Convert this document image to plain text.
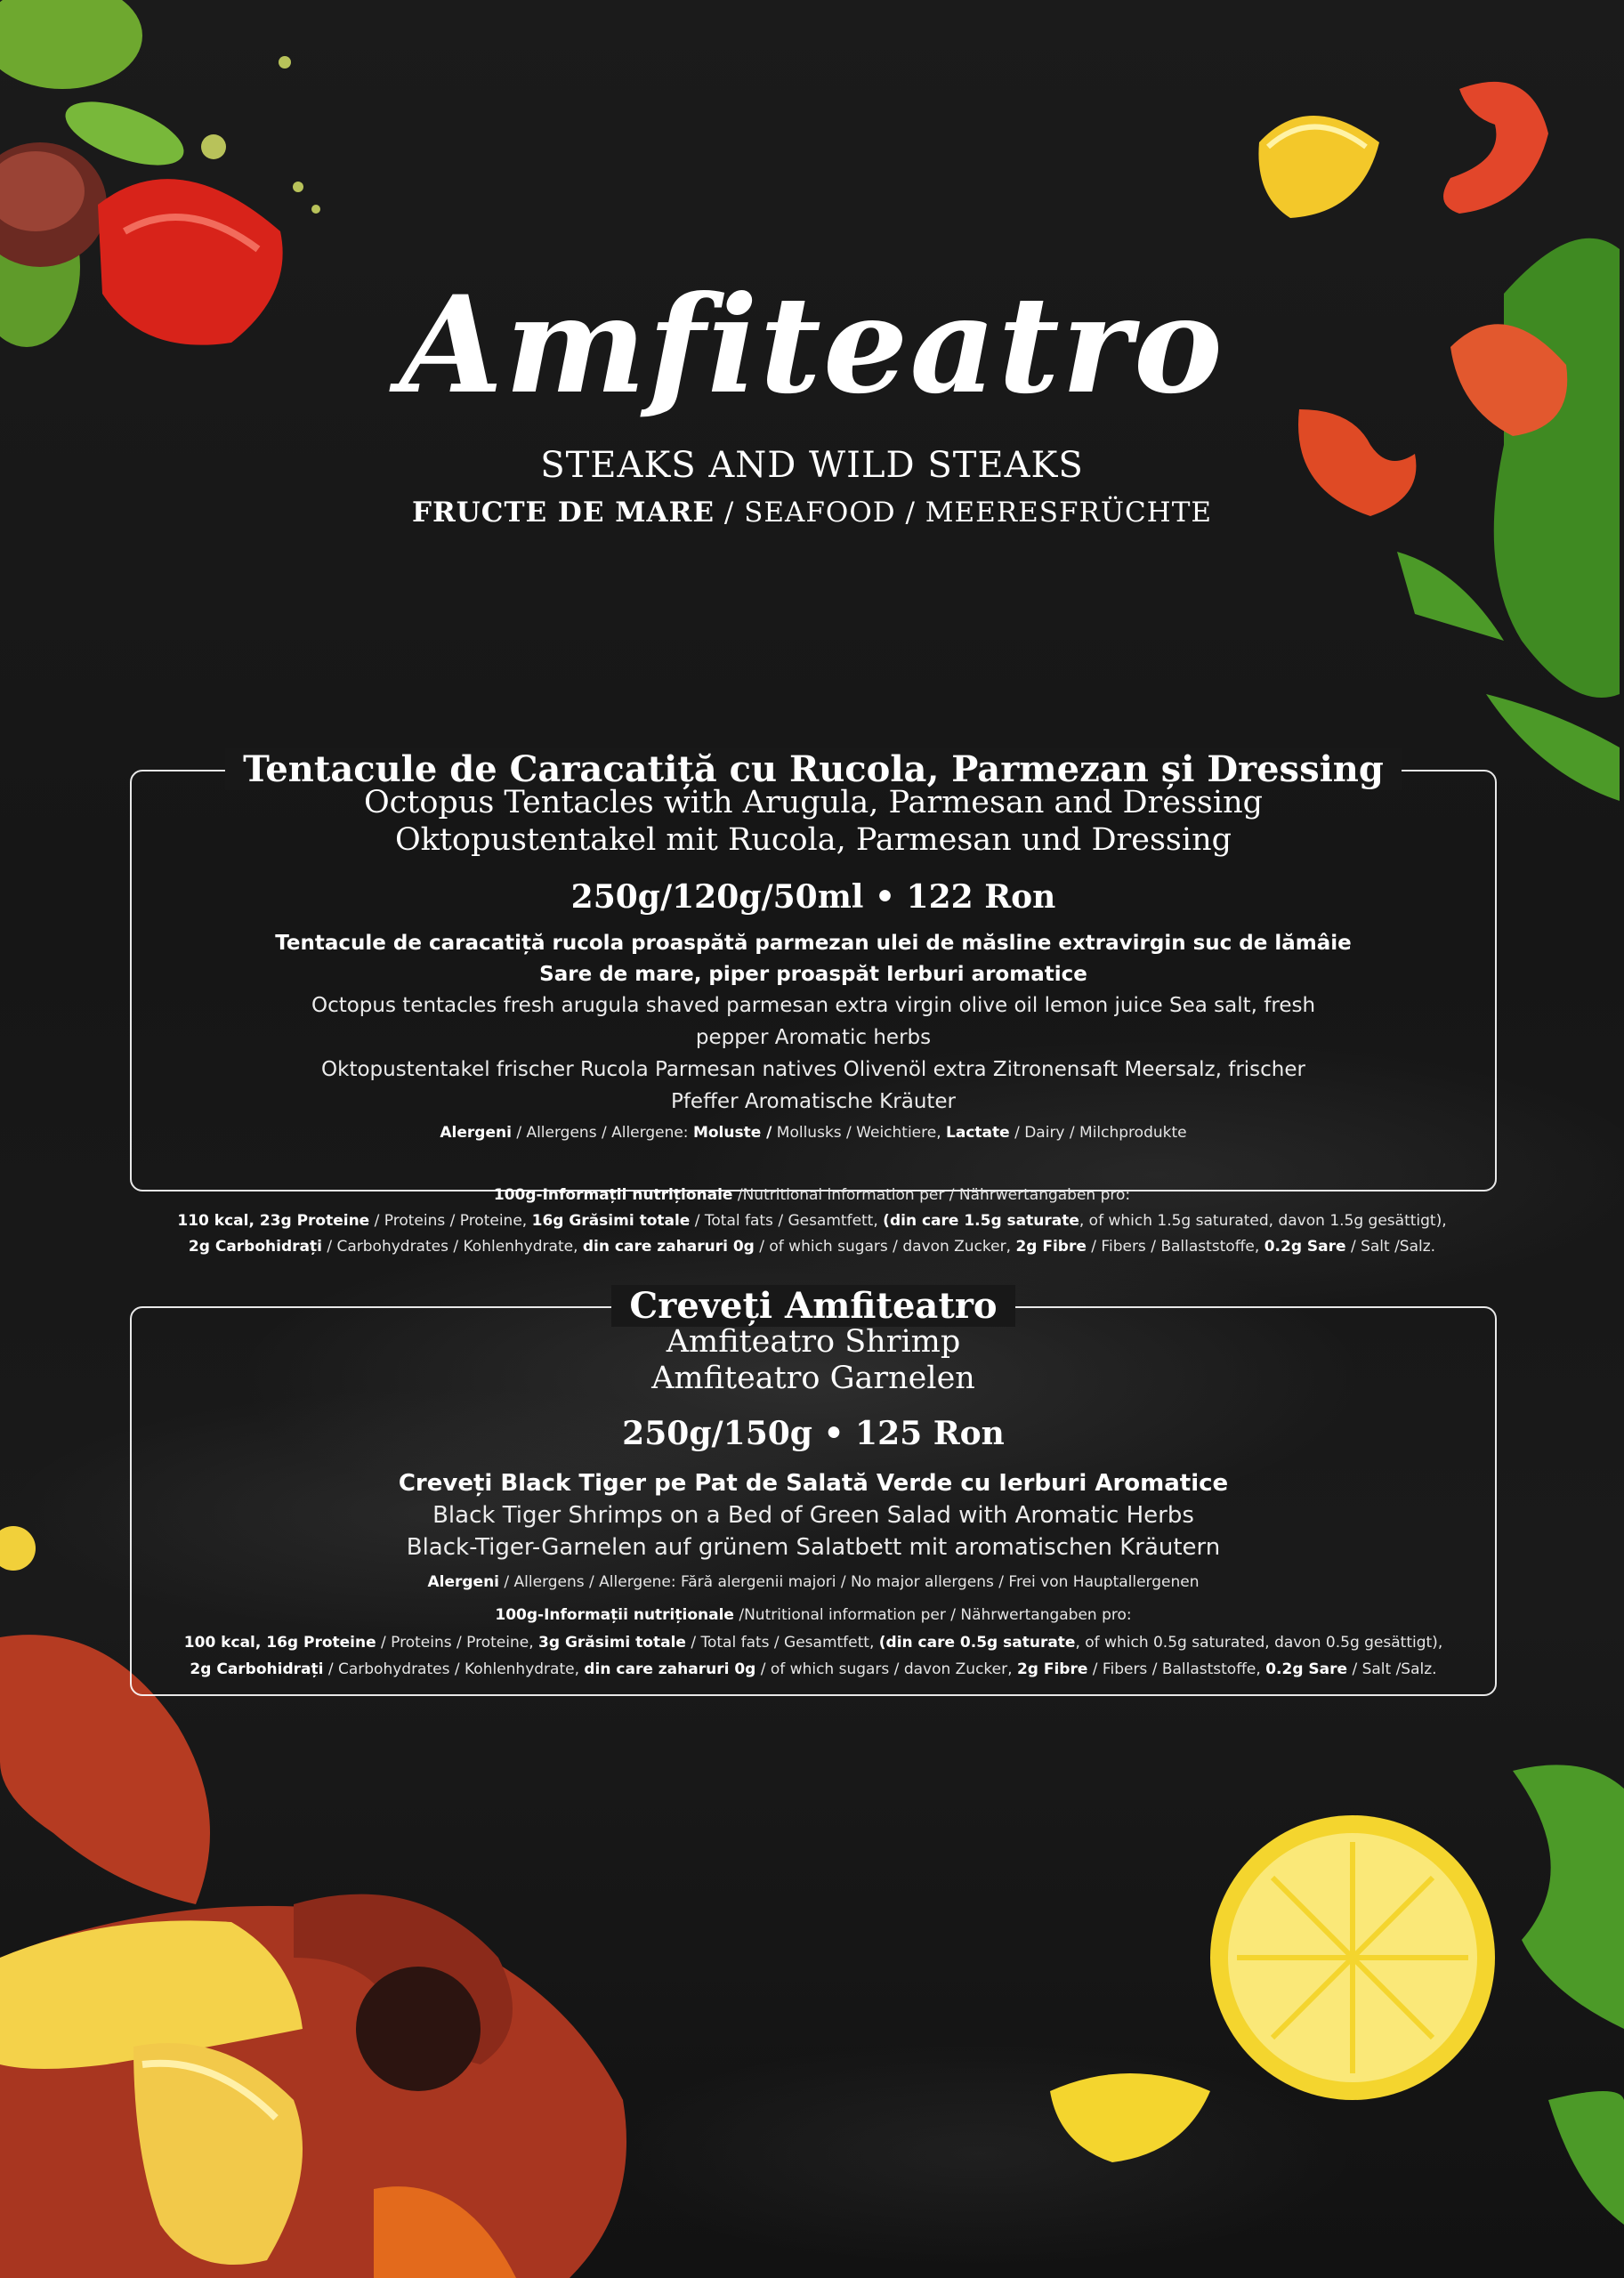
Amfiteatro
STEAKS AND WILD STEAKS
FRUCTE DE MARE / SEAFOOD / MEERESFRÜCHTE
Tentacule de Caracatiță cu Rucola, Parmezan și Dressing
Octopus Tentacles with Arugula, Parmesan and Dressing
Oktopustentakel mit Rucola, Parmesan und Dressing
250g/120g/50ml • 122 Ron
Tentacule de caracatiță rucola proaspătă parmezan ulei de măsline extravirgin suc de lămâie
Sare de mare, piper proaspăt Ierburi aromatice
Octopus tentacles fresh arugula shaved parmesan extra virgin olive oil lemon juice Sea salt, fresh
pepper Aromatic herbs
Oktopustentakel frischer Rucola Parmesan natives Olivenöl extra Zitronensaft Meersalz, frischer
Pfeffer Aromatische Kräuter
Alergeni / Allergens / Allergene: Moluste / Mollusks / Weichtiere, Lactate / Dairy / Milchprodukte
100g-Informații nutriționale /Nutritional information per / Nährwertangaben pro:
110 kcal, 23g Proteine / Proteins / Proteine, 16g Grăsimi totale / Total fats / Gesamtfett, (din care 1.5g saturate, of which 1.5g saturated, davon 1.5g gesättigt),
2g Carbohidrați / Carbohydrates / Kohlenhydrate, din care zaharuri 0g / of which sugars / davon Zucker, 2g Fibre / Fibers / Ballaststoffe, 0.2g Sare / Salt /Salz.
Creveți Amfiteatro
Amfiteatro Shrimp
Amfiteatro Garnelen
250g/150g • 125 Ron
Creveți Black Tiger pe Pat de Salată Verde cu Ierburi Aromatice
Black Tiger Shrimps on a Bed of Green Salad with Aromatic Herbs
Black-Tiger-Garnelen auf grünem Salatbett mit aromatischen Kräutern
Alergeni / Allergens / Allergene: Fără alergenii majori / No major allergens / Frei von Hauptallergenen
100g-Informații nutriționale /Nutritional information per / Nährwertangaben pro:
100 kcal, 16g Proteine / Proteins / Proteine, 3g Grăsimi totale / Total fats / Gesamtfett, (din care 0.5g saturate, of which 0.5g saturated, davon 0.5g gesättigt),
2g Carbohidrați / Carbohydrates / Kohlenhydrate, din care zaharuri 0g / of which sugars / davon Zucker, 2g Fibre / Fibers / Ballaststoffe, 0.2g Sare / Salt /Salz.
